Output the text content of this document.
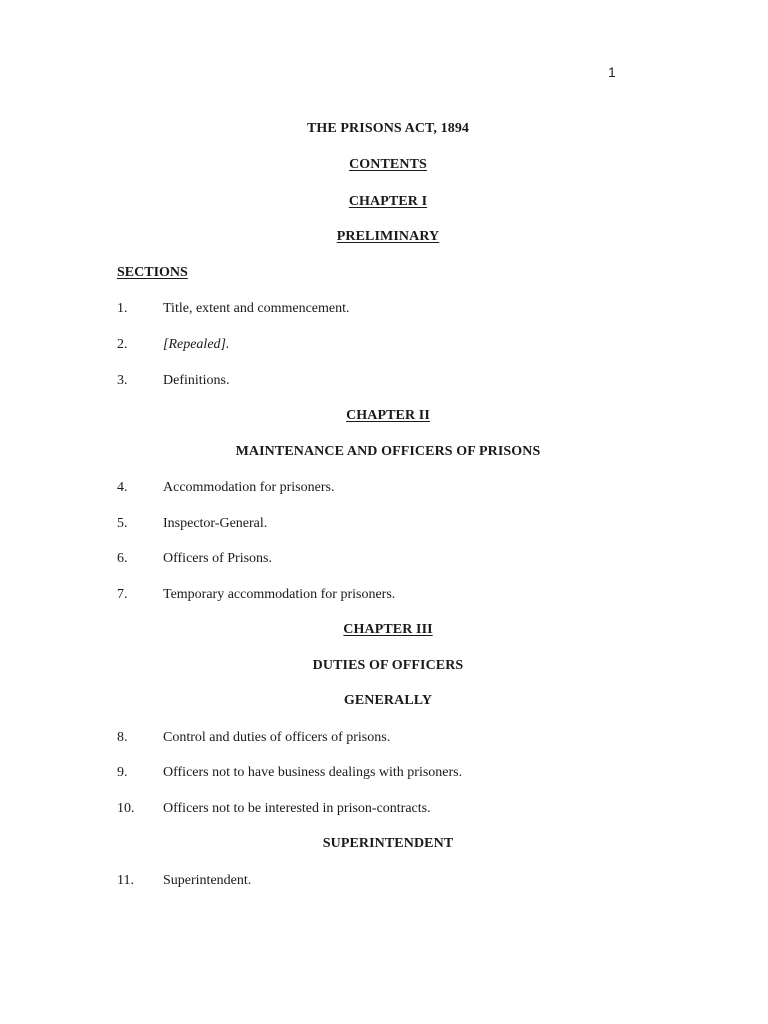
1
THE PRISONS ACT, 1894
CONTENTS
CHAPTER I
PRELIMINARY
SECTIONS
1.	Title, extent and commencement.
2.	[Repealed].
3.	Definitions.
CHAPTER II
MAINTENANCE AND OFFICERS OF PRISONS
4.	Accommodation for prisoners.
5.	Inspector-General.
6.	Officers of Prisons.
7.	Temporary accommodation for prisoners.
CHAPTER III
DUTIES OF OFFICERS
GENERALLY
8.	Control and duties of officers of prisons.
9.	Officers not to have business dealings with prisoners.
10. Officers not to be interested in prison-contracts.
SUPERINTENDENT
11. Superintendent.
